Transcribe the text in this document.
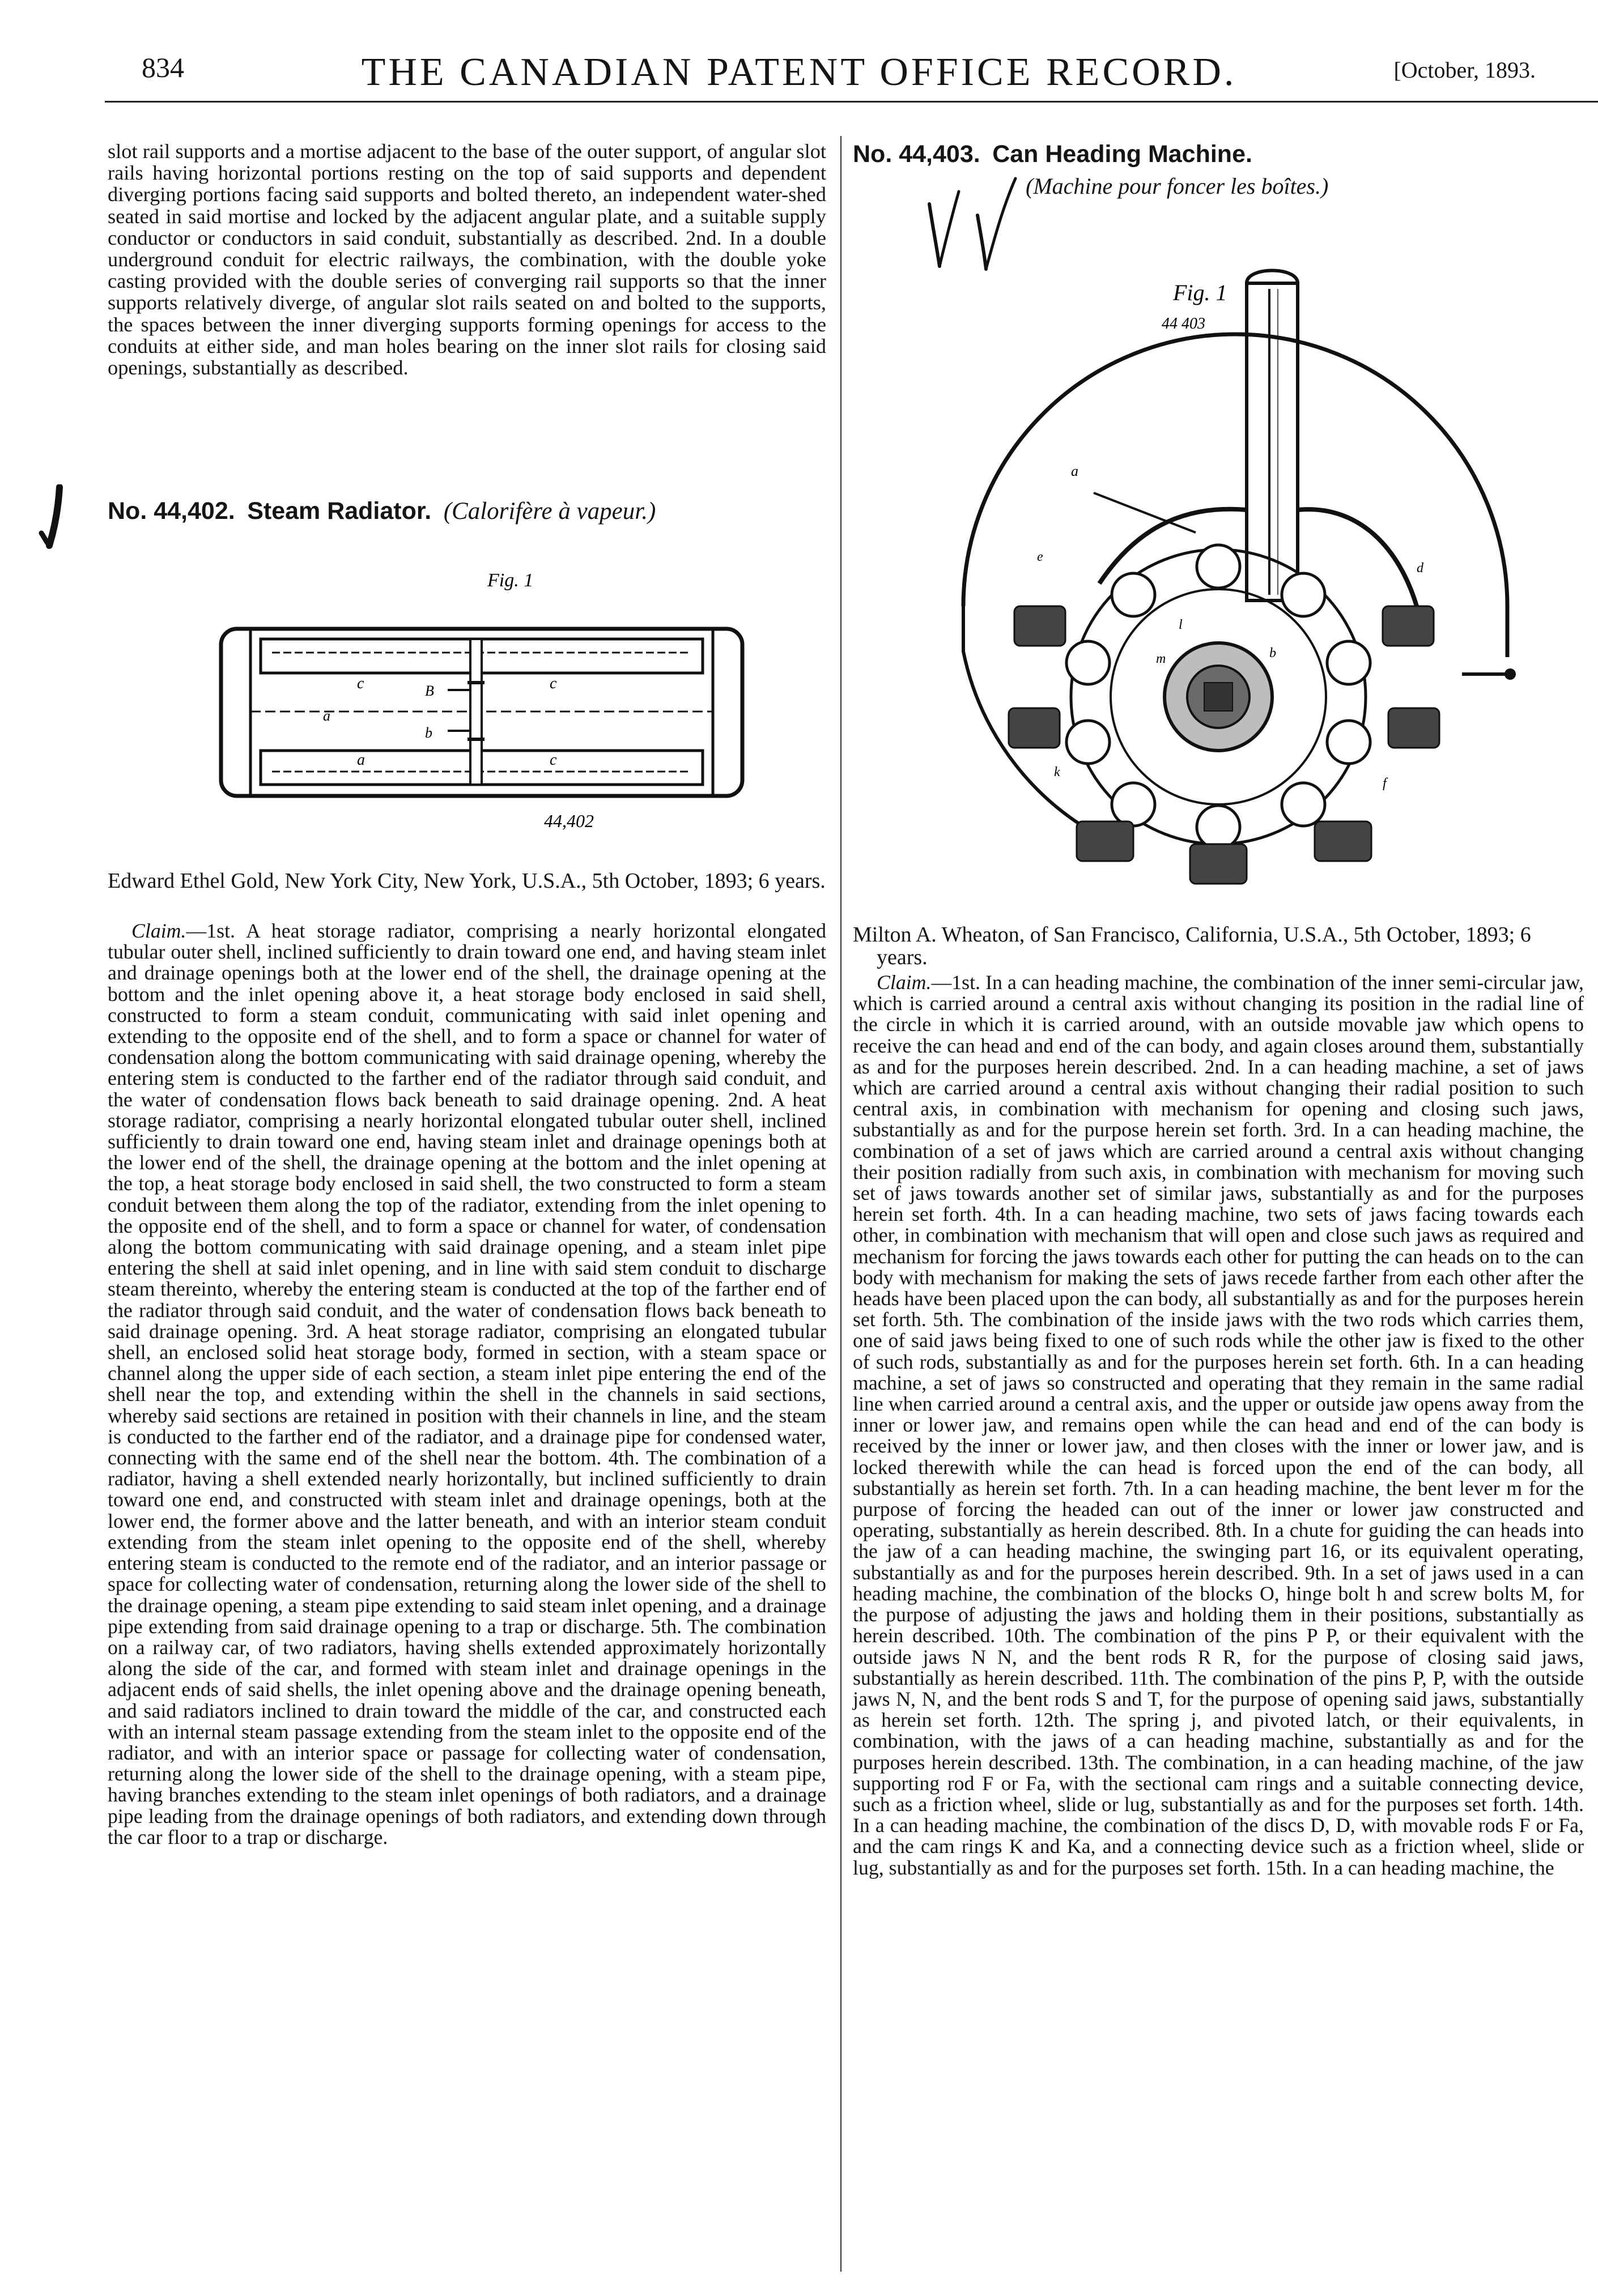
834	THE CANADIAN PATENT OFFICE RECORD.	[October, 1893.

slot rail supports and a mortise adjacent to the base of the outer support, of angular slot rails having horizontal portions resting on the top of said supports and dependent diverging portions facing said supports and bolted thereto, an independent water-shed seated in said mortise and locked by the adjacent angular plate, and a suitable supply conductor or conductors in said conduit, substantially as described. 2nd. In a double underground conduit for electric railways, the combination, with the double yoke casting provided with the double series of converging rail supports so that the inner supports relatively diverge, of angular slot rails seated on and bolted to the supports, the spaces between the inner diverging supports forming openings for access to the conduits at either side, and man holes bearing on the inner slot rails for closing said openings, substantially as described.

No. 44,402. Steam Radiator. (Calorifère à vapeur.)
Fig. 1
c	c
B
a
b
a	c
44,402

Edward Ethel Gold, New York City, New York, U.S.A., 5th October, 1893; 6 years.

Claim.—1st. A heat storage radiator, comprising a nearly horizontal elongated tubular outer shell, inclined sufficiently to drain toward one end, and having steam inlet and drainage openings both at the lower end of the shell, the drainage opening at the bottom and the inlet opening above it, a heat storage body enclosed in said shell, constructed to form a steam conduit, communicating with said inlet opening and extending to the opposite end of the shell, and to form a space or channel for water of condensation along the bottom communicating with said drainage opening, whereby the entering stem is conducted to the farther end of the radiator through said conduit, and the water of condensation flows back beneath to said drainage opening. 2nd. A heat storage radiator, comprising a nearly horizontal elongated tubular outer shell, inclined sufficiently to drain toward one end, having steam inlet and drainage openings both at the lower end of the shell, the drainage opening at the bottom and the inlet opening at the top, a heat storage body enclosed in said shell, the two constructed to form a steam conduit between them along the top of the radiator, extending from the inlet opening to the opposite end of the shell, and to form a space or channel for water, of condensation along the bottom communicating with said drainage opening, and a steam inlet pipe entering the shell at said inlet opening, and in line with said stem conduit to discharge steam thereinto, whereby the entering steam is conducted at the top of the farther end of the radiator through said conduit, and the water of condensation flows back beneath to said drainage opening. 3rd. A heat storage radiator, comprising an elongated tubular shell, an enclosed solid heat storage body, formed in section, with a steam space or channel along the upper side of each section, a steam inlet pipe entering the end of the shell near the top, and extending within the shell in the channels in said sections, whereby said sections are retained in position with their channels in line, and the steam is conducted to the farther end of the radiator, and a drainage pipe for condensed water, connecting with the same end of the shell near the bottom. 4th. The combination of a radiator, having a shell extended nearly horizontally, but inclined sufficiently to drain toward one end, and constructed with steam inlet and drainage openings, both at the lower end, the former above and the latter beneath, and with an interior steam conduit extending from the steam inlet opening to the opposite end of the shell, whereby entering steam is conducted to the remote end of the radiator, and an interior passage or space for collecting water of condensation, returning along the lower side of the shell to the drainage opening, a steam pipe extending to said steam inlet opening, and a drainage pipe extending from said drainage opening to a trap or discharge. 5th. The combination on a railway car, of two radiators, having shells extended approximately horizontally along the side of the car, and formed with steam inlet and drainage openings in the adjacent ends of said shells, the inlet opening above and the drainage opening beneath, and said radiators inclined to drain toward the middle of the car, and constructed each with an internal steam passage extending from the steam inlet to the opposite end of the radiator, and with an interior space or passage for collecting water of condensation, returning along the lower side of the shell to the drainage opening, with a steam pipe, having branches extending to the steam inlet openings of both radiators, and a drainage pipe leading from the drainage openings of both radiators, and extending down through the car floor to a trap or discharge.

No. 44,403. Can Heading Machine.

(Machine pour foncer les boîtes.)

Fig. 1
44 403
a
l
m	b
k
f
e
d

Milton A. Wheaton, of San Francisco, California, U.S.A., 5th October, 1893; 6 years.

Claim.—1st. In a can heading machine, the combination of the inner semi-circular jaw, which is carried around a central axis without changing its position in the radial line of the circle in which it is carried around, with an outside movable jaw which opens to receive the can head and end of the can body, and again closes around them, substantially as and for the purposes herein described. 2nd. In a can heading machine, a set of jaws which are carried around a central axis without changing their radial position to such central axis, in combination with mechanism for opening and closing such jaws, substantially as and for the purpose herein set forth. 3rd. In a can heading machine, the combination of a set of jaws which are carried around a central axis without changing their position radially from such axis, in combination with mechanism for moving such set of jaws towards another set of similar jaws, substantially as and for the purposes herein set forth. 4th. In a can heading machine, two sets of jaws facing towards each other, in combination with mechanism that will open and close such jaws as required and mechanism for forcing the jaws towards each other for putting the can heads on to the can body with mechanism for making the sets of jaws recede farther from each other after the heads have been placed upon the can body, all substantially as and for the purposes herein set forth. 5th. The combination of the inside jaws with the two rods which carries them, one of said jaws being fixed to one of such rods while the other jaw is fixed to the other of such rods, substantially as and for the purposes herein set forth. 6th. In a can heading machine, a set of jaws so constructed and operating that they remain in the same radial line when carried around a central axis, and the upper or outside jaw opens away from the inner or lower jaw, and remains open while the can head and end of the can body is received by the inner or lower jaw, and then closes with the inner or lower jaw, and is locked therewith while the can head is forced upon the end of the can body, all substantially as herein set forth. 7th. In a can heading machine, the bent lever m for the purpose of forcing the headed can out of the inner or lower jaw constructed and operating, substantially as herein described. 8th. In a chute for guiding the can heads into the jaw of a can heading machine, the swinging part 16, or its equivalent operating, substantially as and for the purposes herein described. 9th. In a set of jaws used in a can heading machine, the combination of the blocks O, hinge bolt h and screw bolts M, for the purpose of adjusting the jaws and holding them in their positions, substantially as herein described. 10th. The combination of the pins P P, or their equivalent with the outside jaws N N, and the bent rods R R, for the purpose of closing said jaws, substantially as herein described. 11th. The combination of the pins P, P, with the outside jaws N, N, and the bent rods S and T, for the purpose of opening said jaws, substantially as herein set forth. 12th. The spring j, and pivoted latch, or their equivalents, in combination, with the jaws of a can heading machine, substantially as and for the purposes herein described. 13th. The combination, in a can heading machine, of the jaw supporting rod F or Fa, with the sectional cam rings and a suitable connecting device, such as a friction wheel, slide or lug, substantially as and for the purposes set forth. 14th. In a can heading machine, the combination of the discs D, D, with movable rods F or Fa, and the cam rings K and Ka, and a connecting device such as a friction wheel, slide or lug, substantially as and for the purposes set forth. 15th. In a can heading machine, the
